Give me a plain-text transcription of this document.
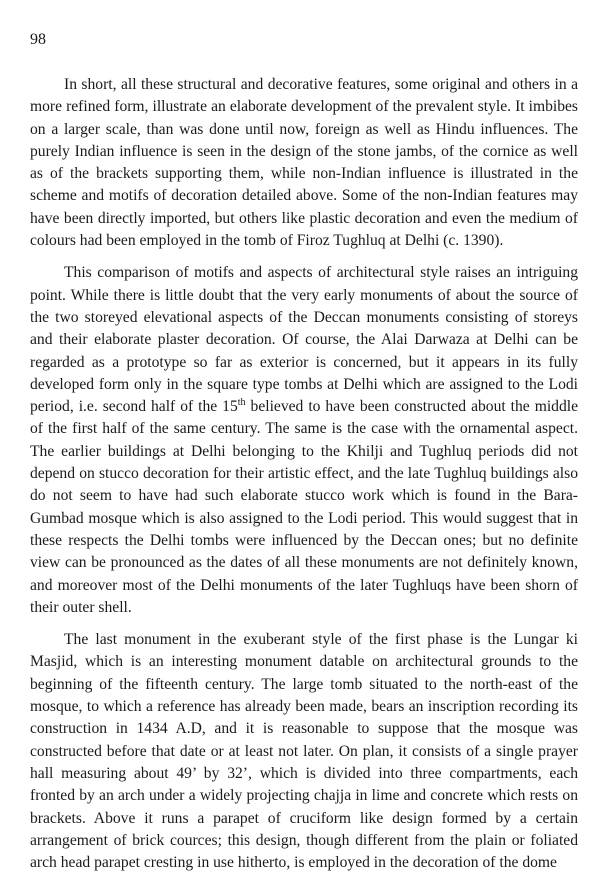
98

In short, all these structural and decorative features, some original and others in a more refined form, illustrate an elaborate development of the prevalent style. It imbibes on a larger scale, than was done until now, foreign as well as Hindu influences. The purely Indian influence is seen in the design of the stone jambs, of the cornice as well as of the brackets supporting them, while non-Indian influence is illustrated in the scheme and motifs of decoration detailed above. Some of the non-Indian features may have been directly imported, but others like plastic decoration and even the medium of colours had been employed in the tomb of Firoz Tughluq at Delhi (c. 1390).

This comparison of motifs and aspects of architectural style raises an intriguing point. While there is little doubt that the very early monuments of about the source of the two storeyed elevational aspects of the Deccan monuments consisting of storeys and their elaborate plaster decoration. Of course, the Alai Darwaza at Delhi can be regarded as a prototype so far as exterior is concerned, but it appears in its fully developed form only in the square type tombs at Delhi which are assigned to the Lodi period, i.e. second half of the 15th believed to have been constructed about the middle of the first half of the same century. The same is the case with the ornamental aspect. The earlier buildings at Delhi belonging to the Khilji and Tughluq periods did not depend on stucco decoration for their artistic effect, and the late Tughluq buildings also do not seem to have had such elaborate stucco work which is found in the Bara-Gumbad mosque which is also assigned to the Lodi period. This would suggest that in these respects the Delhi tombs were influenced by the Deccan ones; but no definite view can be pronounced as the dates of all these monuments are not definitely known, and moreover most of the Delhi monuments of the later Tughluqs have been shorn of their outer shell.

The last monument in the exuberant style of the first phase is the Lungar ki Masjid, which is an interesting monument datable on architectural grounds to the beginning of the fifteenth century. The large tomb situated to the north-east of the mosque, to which a reference has already been made, bears an inscription recording its construction in 1434 A.D, and it is reasonable to suppose that the mosque was constructed before that date or at least not later. On plan, it consists of a single prayer hall measuring about 49’ by 32’, which is divided into three compartments, each fronted by an arch under a widely projecting chajja in lime and concrete which rests on brackets. Above it runs a parapet of cruciform like design formed by a certain arrangement of brick cources; this design, though different from the plain or foliated arch head parapet cresting in use hitherto, is employed in the decoration of the dome
